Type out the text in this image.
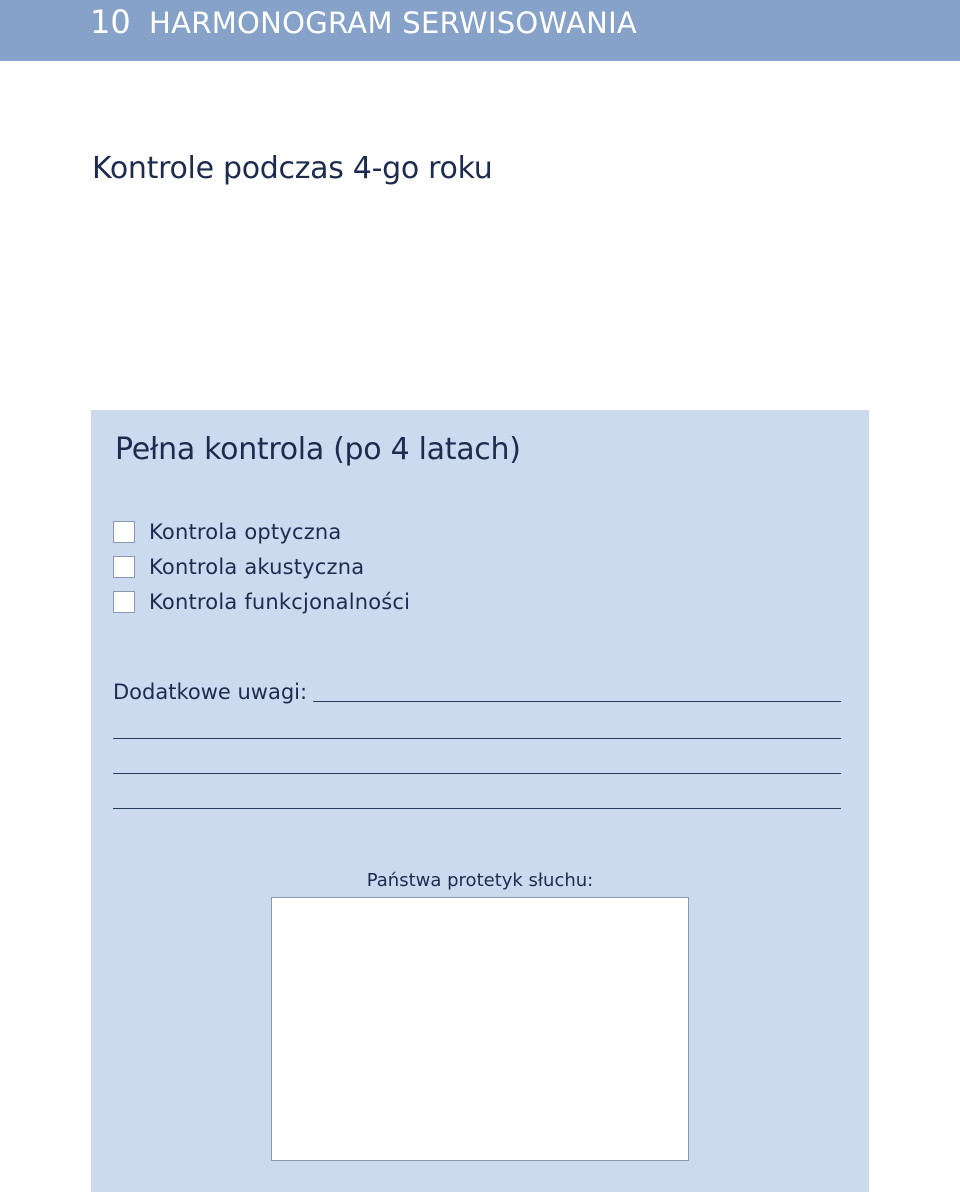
10 HARMONOGRAM SERWISOWANIA
Kontrole podczas 4-go roku
Pełna kontrola (po 4 latach)
Kontrola optyczna
Kontrola akustyczna
Kontrola funkcjonalności
Dodatkowe uwagi:
Państwa protetyk słuchu:
